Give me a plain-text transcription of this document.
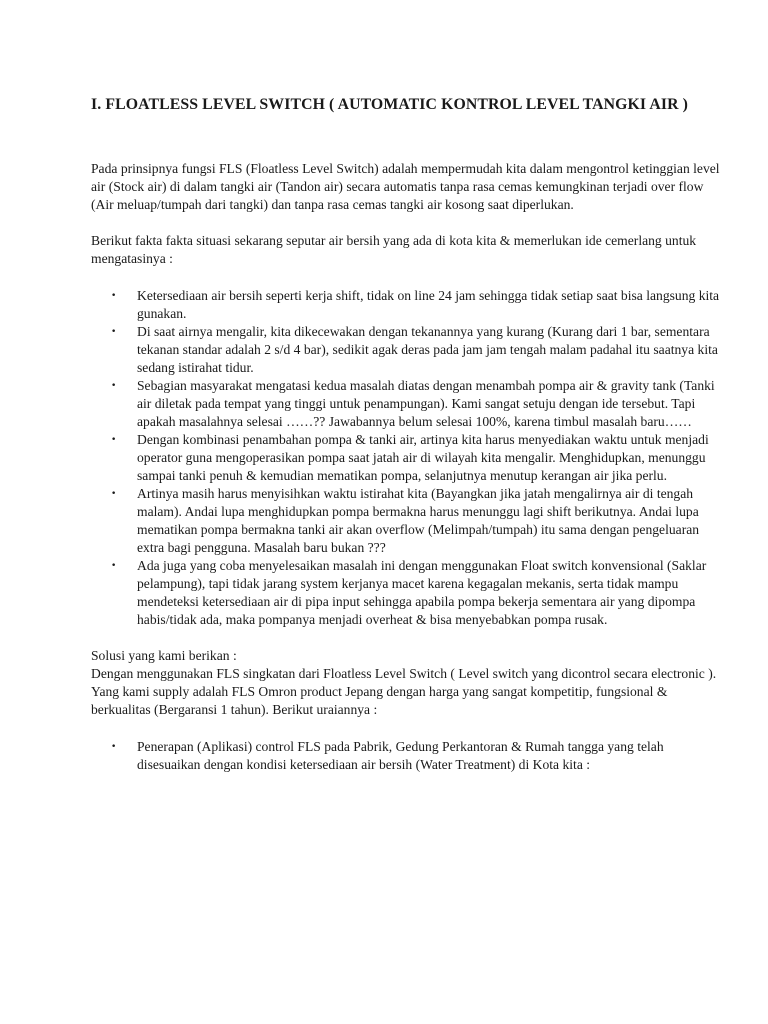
I. FLOATLESS LEVEL SWITCH ( AUTOMATIC KONTROL LEVEL TANGKI AIR )

Pada prinsipnya fungsi FLS (Floatless Level Switch) adalah mempermudah kita dalam mengontrol ketinggian level air (Stock air) di dalam tangki air (Tandon air) secara automatis tanpa rasa cemas kemungkinan terjadi over flow (Air meluap/tumpah dari tangki) dan tanpa rasa cemas tangki air kosong saat diperlukan.

Berikut fakta fakta situasi sekarang seputar air bersih yang ada di kota kita & memerlukan ide cemerlang untuk mengatasinya :

• Ketersediaan air bersih seperti kerja shift, tidak on line 24 jam sehingga tidak setiap saat bisa langsung kita gunakan.
• Di saat airnya mengalir, kita dikecewakan dengan tekanannya yang kurang (Kurang dari 1 bar, sementara tekanan standar adalah 2 s/d 4 bar), sedikit agak deras pada jam jam tengah malam padahal itu saatnya kita sedang istirahat tidur.
• Sebagian masyarakat mengatasi kedua masalah diatas dengan menambah pompa air & gravity tank (Tanki air diletak pada tempat yang tinggi untuk penampungan). Kami sangat setuju dengan ide tersebut. Tapi apakah masalahnya selesai ……?? Jawabannya belum selesai 100%, karena timbul masalah baru……
• Dengan kombinasi penambahan pompa & tanki air, artinya kita harus menyediakan waktu untuk menjadi operator guna mengoperasikan pompa saat jatah air di wilayah kita mengalir. Menghidupkan, menunggu sampai tanki penuh & kemudian mematikan pompa, selanjutnya menutup kerangan air jika perlu.
• Artinya masih harus menyisihkan waktu istirahat kita (Bayangkan jika jatah mengalirnya air di tengah malam). Andai lupa menghidupkan pompa bermakna harus menunggu lagi shift berikutnya. Andai lupa mematikan pompa bermakna tanki air akan overflow (Melimpah/tumpah) itu sama dengan pengeluaran extra bagi pengguna. Masalah baru bukan ???
• Ada juga yang coba menyelesaikan masalah ini dengan menggunakan Float switch konvensional (Saklar pelampung), tapi tidak jarang system kerjanya macet karena kegagalan mekanis, serta tidak mampu mendeteksi ketersediaan air di pipa input sehingga apabila pompa bekerja sementara air yang dipompa habis/tidak ada, maka pompanya menjadi overheat & bisa menyebabkan pompa rusak.

Solusi yang kami berikan :

Dengan menggunakan FLS singkatan dari Floatless Level Switch ( Level switch yang dicontrol secara electronic ). Yang kami supply adalah FLS Omron product Jepang dengan harga yang sangat kompetitip, fungsional & berkualitas (Bergaransi 1 tahun). Berikut uraiannya :

• Penerapan (Aplikasi) control FLS pada Pabrik, Gedung Perkantoran & Rumah tangga yang telah disesuaikan dengan kondisi ketersediaan air bersih (Water Treatment) di Kota kita :
